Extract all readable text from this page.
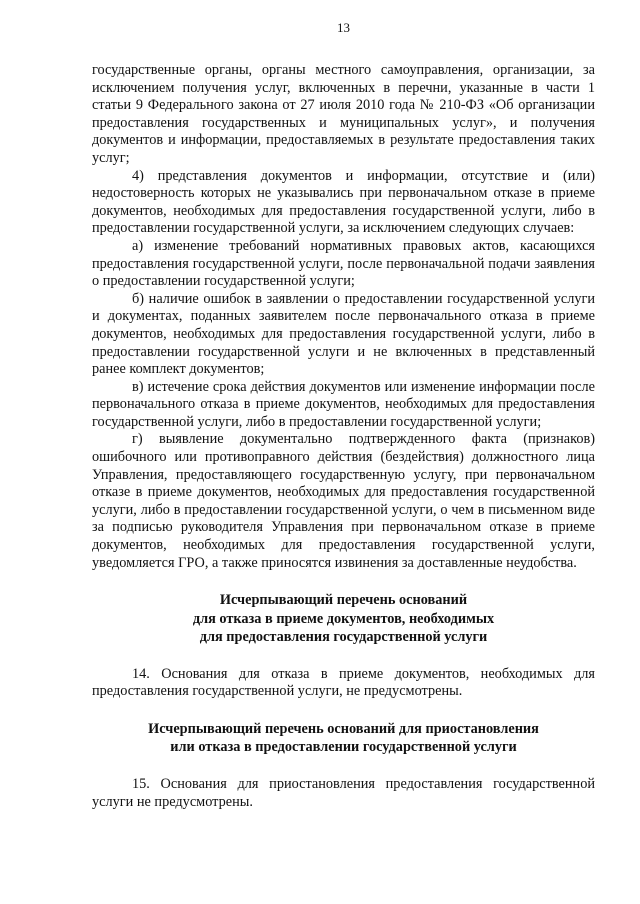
13

государственные органы, органы местного самоуправления, организации, за исключением получения услуг, включенных в перечни, указанные в части 1 статьи 9 Федерального закона от 27 июля 2010 года № 210-ФЗ «Об организации предоставления государственных и муниципальных услуг», и получения документов и информации, предоставляемых в результате предоставления таких услуг;

4) представления документов и информации, отсутствие и (или) недостоверность которых не указывались при первоначальном отказе в приеме документов, необходимых для предоставления государственной услуги, либо в предоставлении государственной услуги, за исключением следующих случаев:

а) изменение требований нормативных правовых актов, касающихся предоставления государственной услуги, после первоначальной подачи заявления о предоставлении государственной услуги;

б) наличие ошибок в заявлении о предоставлении государственной услуги и документах, поданных заявителем после первоначального отказа в приеме документов, необходимых для предоставления государственной услуги, либо в предоставлении государственной услуги и не включенных в представленный ранее комплект документов;

в) истечение срока действия документов или изменение информации после первоначального отказа в приеме документов, необходимых для предоставления государственной услуги, либо в предоставлении государственной услуги;

г) выявление документально подтвержденного факта (признаков) ошибочного или противоправного действия (бездействия) должностного лица Управления, предоставляющего государственную услугу, при первоначальном отказе в приеме документов, необходимых для предоставления государственной услуги, либо в предоставлении государственной услуги, о чем в письменном виде за подписью руководителя Управления при первоначальном отказе в приеме документов, необходимых для предоставления государственной услуги, уведомляется ГРО, а также приносятся извинения за доставленные неудобства.

Исчерпывающий перечень оснований
для отказа в приеме документов, необходимых
для предоставления государственной услуги

14. Основания для отказа в приеме документов, необходимых для предоставления государственной услуги, не предусмотрены.

Исчерпывающий перечень оснований для приостановления
или отказа в предоставлении государственной услуги

15. Основания для приостановления предоставления государственной услуги не предусмотрены.
